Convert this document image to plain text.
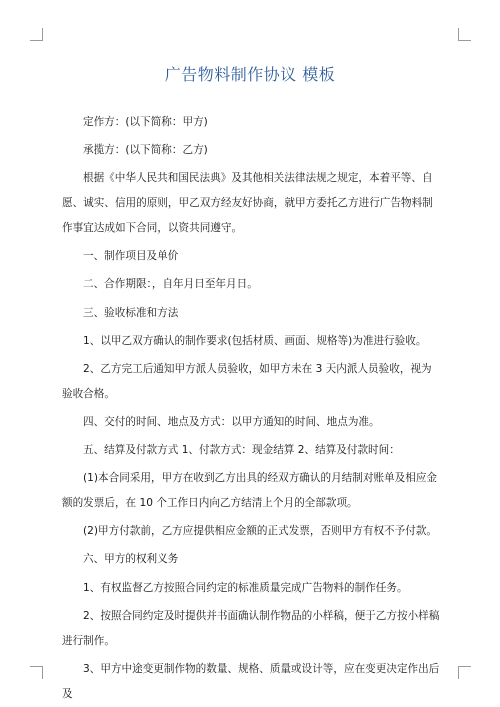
广告物料制作协议 模板

定作方：(以下简称：甲方)

承揽方：(以下简称：乙方)

根据《中华人民共和国民法典》及其他相关法律法规之规定，本着平等、自愿、诚实、信用的原则，甲乙双方经友好协商，就甲方委托乙方进行广告物料制作事宜达成如下合同，以资共同遵守。

一、制作项目及单价

二、合作期限：，自年月日至年月日。

三、验收标准和方法

1、以甲乙双方确认的制作要求(包括材质、画面、规格等)为准进行验收。

2、乙方完工后通知甲方派人员验收，如甲方未在 3 天内派人员验收，视为验收合格。

四、交付的时间、地点及方式：以甲方通知的时间、地点为准。

五、结算及付款方式 1、付款方式：现金结算 2、结算及付款时间：

(1)本合同采用，甲方在收到乙方出具的经双方确认的月结制对账单及相应金额的发票后，在 10 个工作日内向乙方结清上个月的全部款项。

(2)甲方付款前，乙方应提供相应金额的正式发票，否则甲方有权不予付款。

六、甲方的权利义务

1、有权监督乙方按照合同约定的标准质量完成广告物料的制作任务。

2、按照合同约定及时提供并书面确认制作物品的小样稿，便于乙方按小样稿进行制作。

3、甲方中途变更制作物的数量、规格、质量或设计等，应在变更决定作出后及
